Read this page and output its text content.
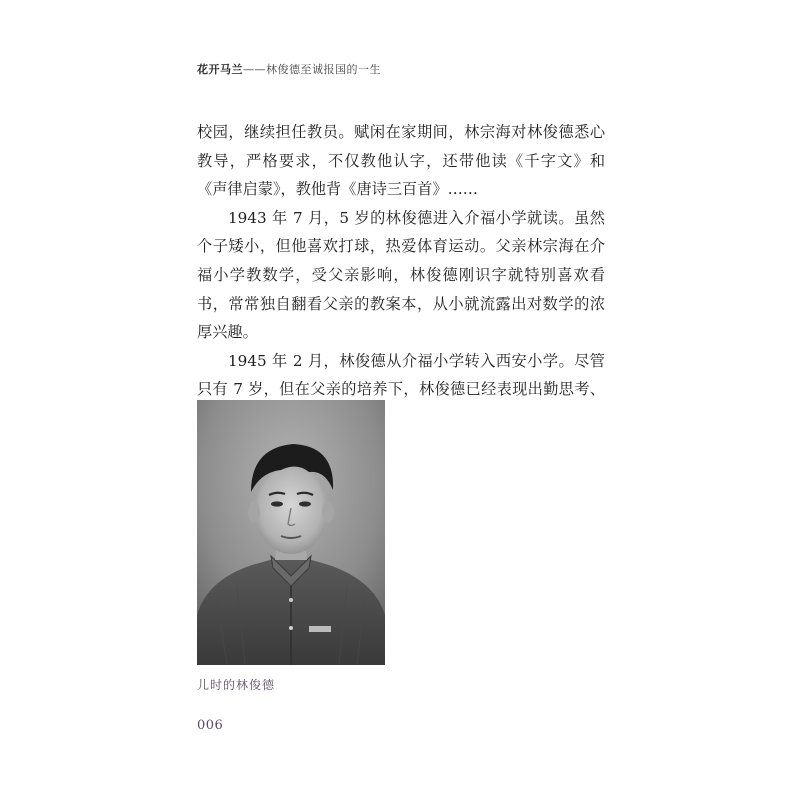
花开马兰——林俊德至诚报国的一生

校园，继续担任教员。赋闲在家期间，林宗海对林俊德悉心教导，严格要求，不仅教他认字，还带他读《千字文》和《声律启蒙》，教他背《唐诗三百首》……

1943 年 7 月，5 岁的林俊德进入介福小学就读。虽然个子矮小，但他喜欢打球，热爱体育运动。父亲林宗海在介福小学教数学，受父亲影响，林俊德刚识字就特别喜欢看书，常常独自翻看父亲的教案本，从小就流露出对数学的浓厚兴趣。

1945 年 2 月，林俊德从介福小学转入西安小学。尽管只有 7 岁，但在父亲的培养下，林俊德已经表现出勤思考、

儿时的林俊德
006
